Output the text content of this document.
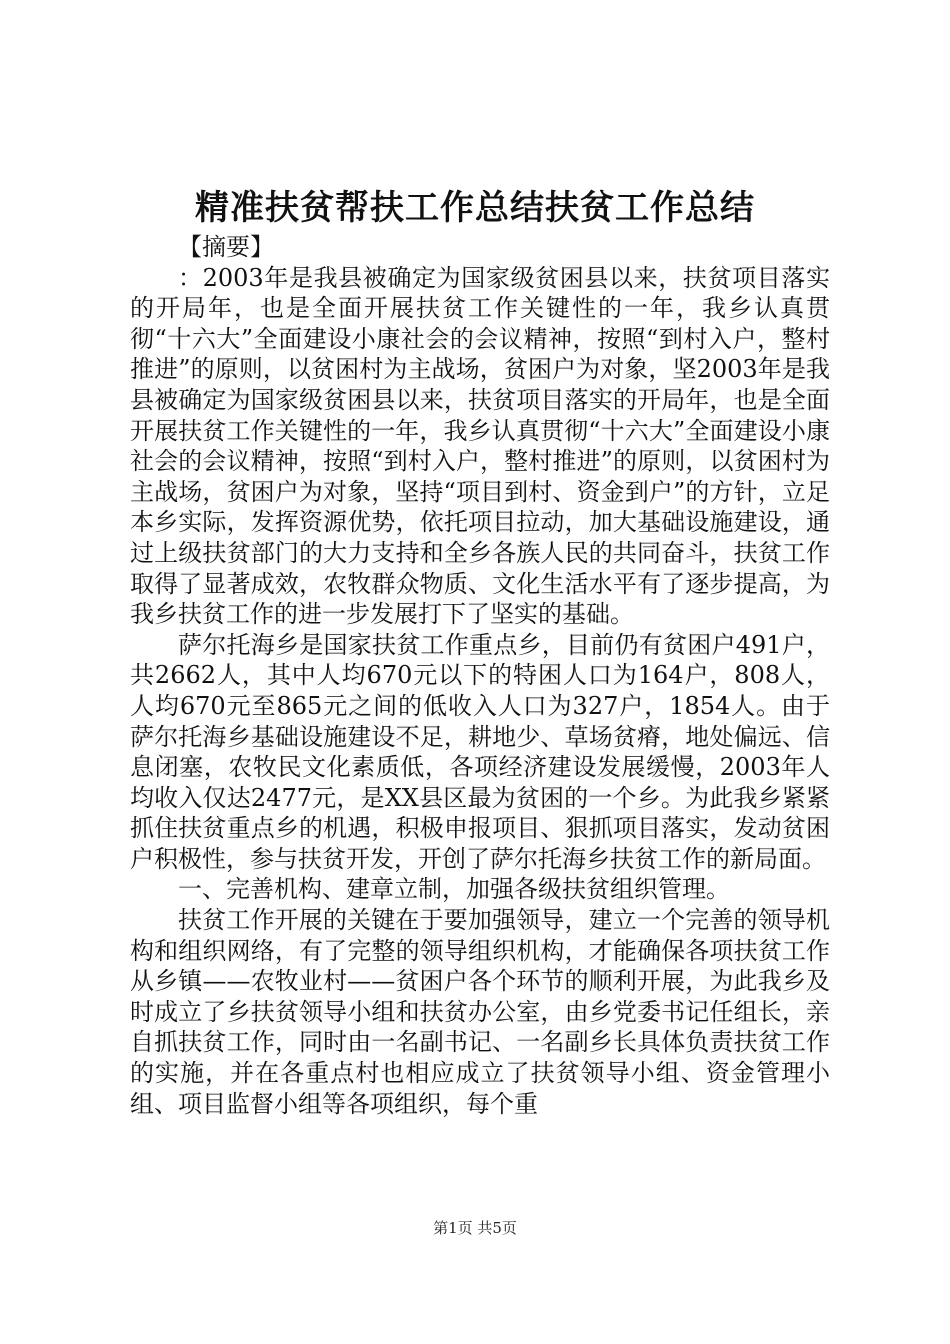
精准扶贫帮扶工作总结扶贫工作总结

【摘要】

：2003年是我县被确定为国家级贫困县以来，扶贫项目落实的开局年，也是全面开展扶贫工作关键性的一年，我乡认真贯彻“十六大”全面建设小康社会的会议精神，按照“到村入户，整村推进”的原则，以贫困村为主战场，贫困户为对象，坚2003年是我县被确定为国家级贫困县以来，扶贫项目落实的开局年，也是全面开展扶贫工作关键性的一年，我乡认真贯彻“十六大”全面建设小康社会的会议精神，按照“到村入户，整村推进”的原则，以贫困村为主战场，贫困户为对象，坚持“项目到村、资金到户”的方针，立足本乡实际，发挥资源优势，依托项目拉动，加大基础设施建设，通过上级扶贫部门的大力支持和全乡各族人民的共同奋斗，扶贫工作取得了显著成效，农牧群众物质、文化生活水平有了逐步提高，为我乡扶贫工作的进一步发展打下了坚实的基础。

萨尔托海乡是国家扶贫工作重点乡，目前仍有贫困户491户，共2662人，其中人均670元以下的特困人口为164户，808人，人均670元至865元之间的低收入人口为327户，1854人。由于萨尔托海乡基础设施建设不足，耕地少、草场贫瘠，地处偏远、信息闭塞，农牧民文化素质低，各项经济建设发展缓慢，2003年人均收入仅达2477元，是XX县区最为贫困的一个乡。为此我乡紧紧抓住扶贫重点乡的机遇，积极申报项目、狠抓项目落实，发动贫困户积极性，参与扶贫开发，开创了萨尔托海乡扶贫工作的新局面。

一、完善机构、建章立制，加强各级扶贫组织管理。

扶贫工作开展的关键在于要加强领导，建立一个完善的领导机构和组织网络，有了完整的领导组织机构，才能确保各项扶贫工作从乡镇——农牧业村——贫困户各个环节的顺利开展，为此我乡及时成立了乡扶贫领导小组和扶贫办公室，由乡党委书记任组长，亲自抓扶贫工作，同时由一名副书记、一名副乡长具体负责扶贫工作的实施，并在各重点村也相应成立了扶贫领导小组、资金管理小组、项目监督小组等各项组织，每个重

第1页 共5页
